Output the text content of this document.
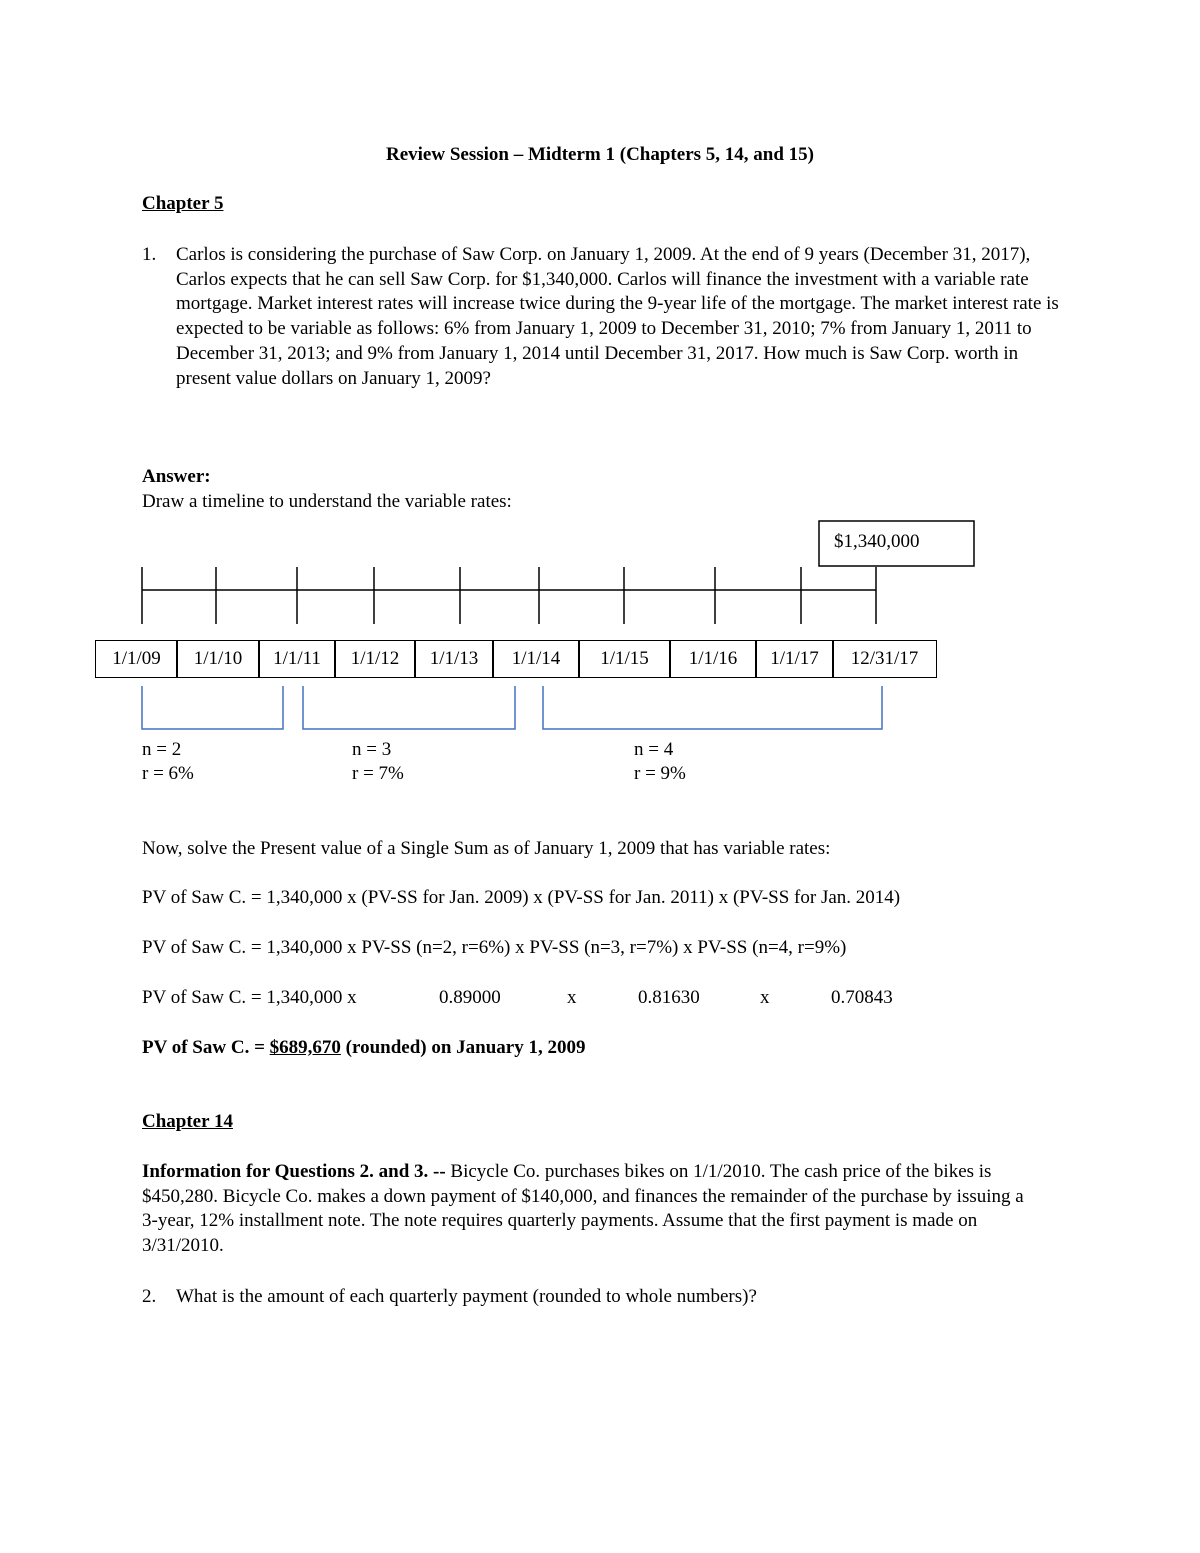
Review Session – Midterm 1 (Chapters 5, 14, and 15)
Chapter 5
1. Carlos is considering the purchase of Saw Corp. on January 1, 2009. At the end of 9 years (December 31, 2017), Carlos expects that he can sell Saw Corp. for $1,340,000. Carlos will finance the investment with a variable rate mortgage. Market interest rates will increase twice during the 9-year life of the mortgage. The market interest rate is expected to be variable as follows: 6% from January 1, 2009 to December 31, 2010; 7% from January 1, 2011 to December 31, 2013; and 9% from January 1, 2014 until December 31, 2017. How much is Saw Corp. worth in present value dollars on January 1, 2009?
Answer:
Draw a timeline to understand the variable rates:
$1,340,000
1/1/09	1/1/10	1/1/11	1/1/12	1/1/13	1/1/14	1/1/15	1/1/16	1/1/17	12/31/17
n = 2
r = 6%
n = 3
r = 7%
n = 4
r = 9%
Now, solve the Present value of a Single Sum as of January 1, 2009 that has variable rates:
PV of Saw C. = 1,340,000 x (PV-SS for Jan. 2009) x (PV-SS for Jan. 2011) x (PV-SS for Jan. 2014)
PV of Saw C. = 1,340,000 x PV-SS (n=2, r=6%) x PV-SS (n=3, r=7%) x PV-SS (n=4, r=9%)
PV of Saw C. = 1,340,000 x	0.89000	x	0.81630	x	0.70843
PV of Saw C. = $689,670 (rounded) on January 1, 2009
Chapter 14
Information for Questions 2. and 3. -- Bicycle Co. purchases bikes on 1/1/2010. The cash price of the bikes is $450,280. Bicycle Co. makes a down payment of $140,000, and finances the remainder of the purchase by issuing a 3-year, 12% installment note. The note requires quarterly payments. Assume that the first payment is made on 3/31/2010.
2. What is the amount of each quarterly payment (rounded to whole numbers)?
